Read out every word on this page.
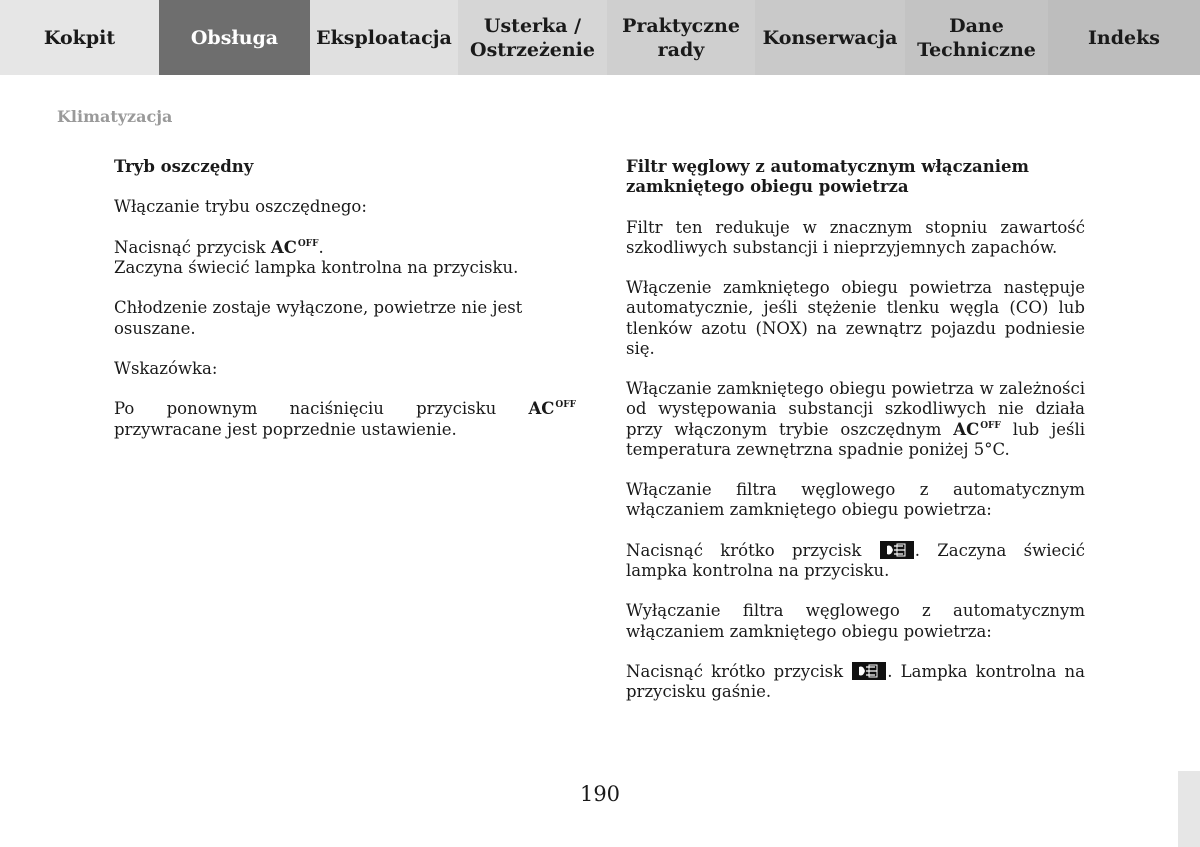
Kokpit	Obsługa Eksploatacja
Usterka /
Ostrzeżenie
Praktyczne
rady
Konserwacja
Dane
Techniczne
Indeks
Klimatyzacja

Tryb oszczędny

Włączanie trybu oszczędnego:

Nacisnąć przycisk $AC^{OFF}$.
Zaczyna świecić lampka kontrolna na przycisku.

Chłodzenie zostaje wyłączone, powietrze nie jest osuszane.

Wskazówka:

Po ponownym naciśnięciu przycisku $AC^{OFF}$ przywracane jest poprzednie ustawienie.

Filtr węglowy z automatycznym włączaniem zamkniętego obiegu powietrza

Filtr ten redukuje w znacznym stopniu zawartość szkodliwych substancji i nieprzyjemnych zapachów.

Włączenie zamkniętego obiegu powietrza następuje automatycznie, jeśli stężenie tlenku węgla (CO) lub tlenków azotu (NOX) na zewnątrz pojazdu podniesie się.

Włączanie zamkniętego obiegu powietrza w zależności od występowania substancji szkodliwych nie działa przy włączonym trybie oszczędnym $AC^{OFF}$ lub jeśli temperatura zewnętrzna spadnie poniżej 5°C.

Włączanie filtra węglowego z automatycznym włączaniem zamkniętego obiegu powietrza:

Nacisnąć krótko przycisk
. Zaczyna świecić lampka kontrolna na przycisku.

Wyłączanie filtra węglowego z automatycznym włączaniem zamkniętego obiegu powietrza:

Nacisnąć krótko przycisk
. Lampka kontrolna na przycisku gaśnie.

190
